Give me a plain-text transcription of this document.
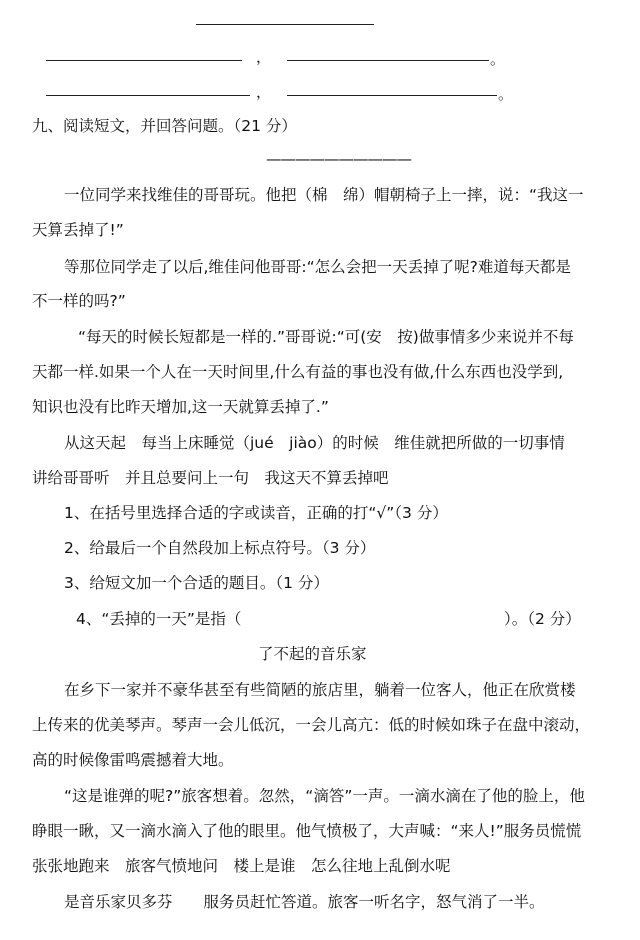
，	。
，	。
九、阅读短文，并回答问题。（21 分）
——————————
一位同学来找维佳的哥哥玩。他把（棉　绵）帽朝椅子上一摔，说：“我这一
天算丢掉了!”
等那位同学走了以后,维佳问他哥哥:“怎么会把一天丢掉了呢?难道每天都是
不一样的吗?”
“每天的时候长短都是一样的.”哥哥说:“可(安　按)做事情多少来说并不每
天都一样.如果一个人在一天时间里,什么有益的事也没有做,什么东西也没学到,
知识也没有比昨天增加,这一天就算丢掉了.”
从这天起　每当上床睡觉（jué　jiào）的时候　维佳就把所做的一切事情
讲给哥哥听　并且总要问上一句　我这天不算丢掉吧
1、在括号里选择合适的字或读音，正确的打“√”（3 分）
2、给最后一个自然段加上标点符号。（3 分）
3、给短文加一个合适的题目。（1 分）
4、“丢掉的一天”是指（	）。（2 分）
了不起的音乐家
在乡下一家并不豪华甚至有些简陋的旅店里，躺着一位客人，他正在欣赏楼
上传来的优美琴声。琴声一会儿低沉，一会儿高亢：低的时候如珠子在盘中滚动，
高的时候像雷鸣震撼着大地。
“这是谁弹的呢?”旅客想着。忽然，“滴答”一声。一滴水滴在了他的脸上，他
睁眼一瞅，又一滴水滴入了他的眼里。他气愤极了，大声喊：“来人!”服务员慌慌
张张地跑来　旅客气愤地问　楼上是谁　怎么往地上乱倒水呢
是音乐家贝多芬　　服务员赶忙答道。旅客一听名字，怒气消了一半。
